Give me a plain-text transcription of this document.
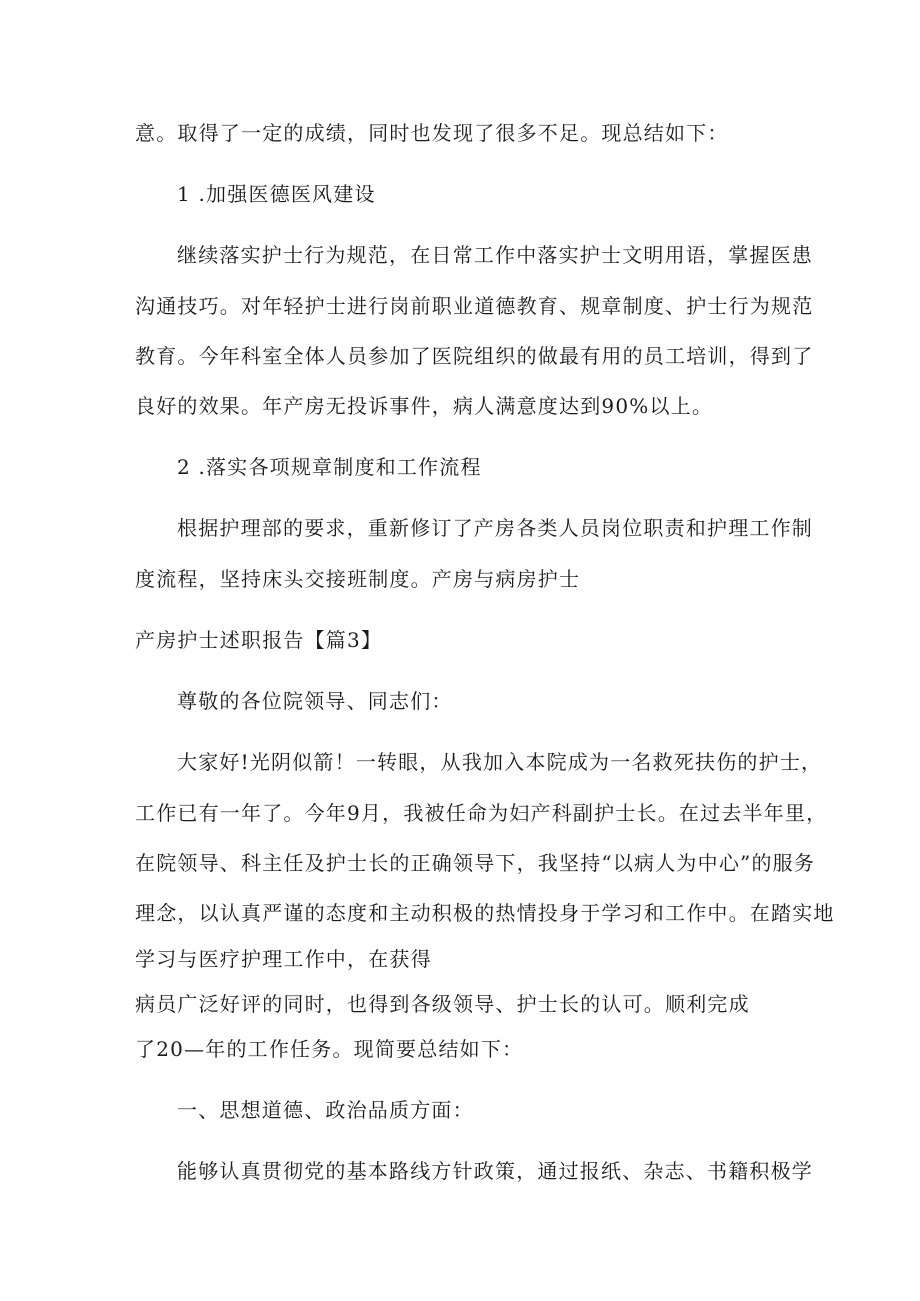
意。取得了一定的成绩，同时也发现了很多不足。现总结如下：
1 .加强医德医风建设
继续落实护士行为规范，在日常工作中落实护士文明用语，掌握医患
沟通技巧。对年轻护士进行岗前职业道德教育、规章制度、护士行为规范
教育。今年科室全体人员参加了医院组织的做最有用的员工培训，得到了
良好的效果。年产房无投诉事件，病人满意度达到90%以上。
2 .落实各项规章制度和工作流程
根据护理部的要求，重新修订了产房各类人员岗位职责和护理工作制
度流程，坚持床头交接班制度。产房与病房护士
产房护士述职报告【篇3】
尊敬的各位院领导、同志们：
大家好!光阴似箭！一转眼，从我加入本院成为一名救死扶伤的护士，
工作已有一年了。今年9月，我被任命为妇产科副护士长。在过去半年里，
在院领导、科主任及护士长的正确领导下，我坚持“以病人为中心”的服务
理念，以认真严谨的态度和主动积极的热情投身于学习和工作中。在踏实地
学习与医疗护理工作中，在获得
病员广泛好评的同时，也得到各级领导、护士长的认可。顺利完成
了20—年的工作任务。现简要总结如下：
一、思想道德、政治品质方面：
能够认真贯彻党的基本路线方针政策，通过报纸、杂志、书籍积极学
